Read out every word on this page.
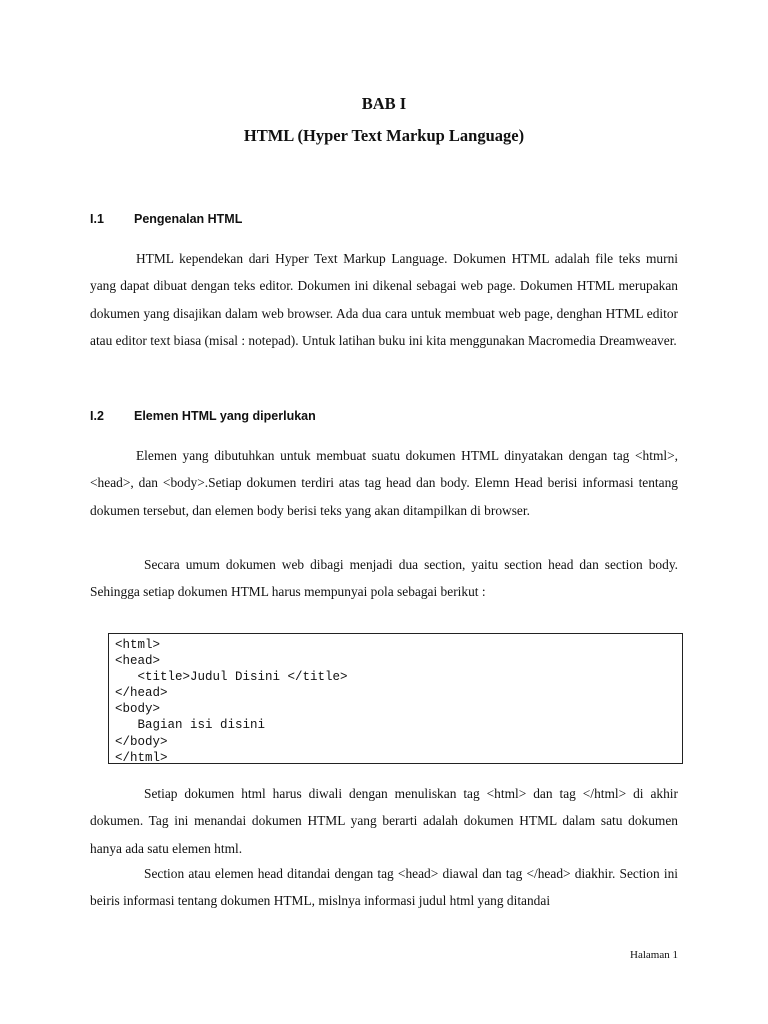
BAB I
HTML (Hyper Text Markup Language)
I.1 Pengenalan HTML

HTML kependekan dari Hyper Text Markup Language. Dokumen HTML adalah file teks murni yang dapat dibuat dengan teks editor. Dokumen ini dikenal sebagai web page. Dokumen HTML merupakan dokumen yang disajikan dalam web browser. Ada dua cara untuk membuat web page, denghan HTML editor atau editor text biasa (misal : notepad). Untuk latihan buku ini kita menggunakan Macromedia Dreamweaver.

I.2 Elemen HTML yang diperlukan

Elemen yang dibutuhkan untuk membuat suatu dokumen HTML dinyatakan dengan tag <html>,<head>, dan <body>.Setiap dokumen terdiri atas tag head dan body. Elemn Head berisi informasi tentang dokumen tersebut, dan elemen body berisi teks yang akan ditampilkan di browser.

Secara umum dokumen web dibagi menjadi dua section, yaitu section head dan section body. Sehingga setiap dokumen HTML harus mempunyai pola sebagai berikut :

<html>
<head>
<title>Judul Disini </title>
</head>
<body>
Bagian isi disini
</body>
</html>

Setiap dokumen html harus diwali dengan menuliskan tag <html> dan tag </html> di akhir dokumen. Tag ini menandai dokumen HTML yang berarti adalah dokumen HTML dalam satu dokumen hanya ada satu elemen html.

Section atau elemen head ditandai dengan tag <head> diawal dan tag </head> diakhir. Section ini beiris informasi tentang dokumen HTML, mislnya informasi judul html yang ditandai

Halaman 1
